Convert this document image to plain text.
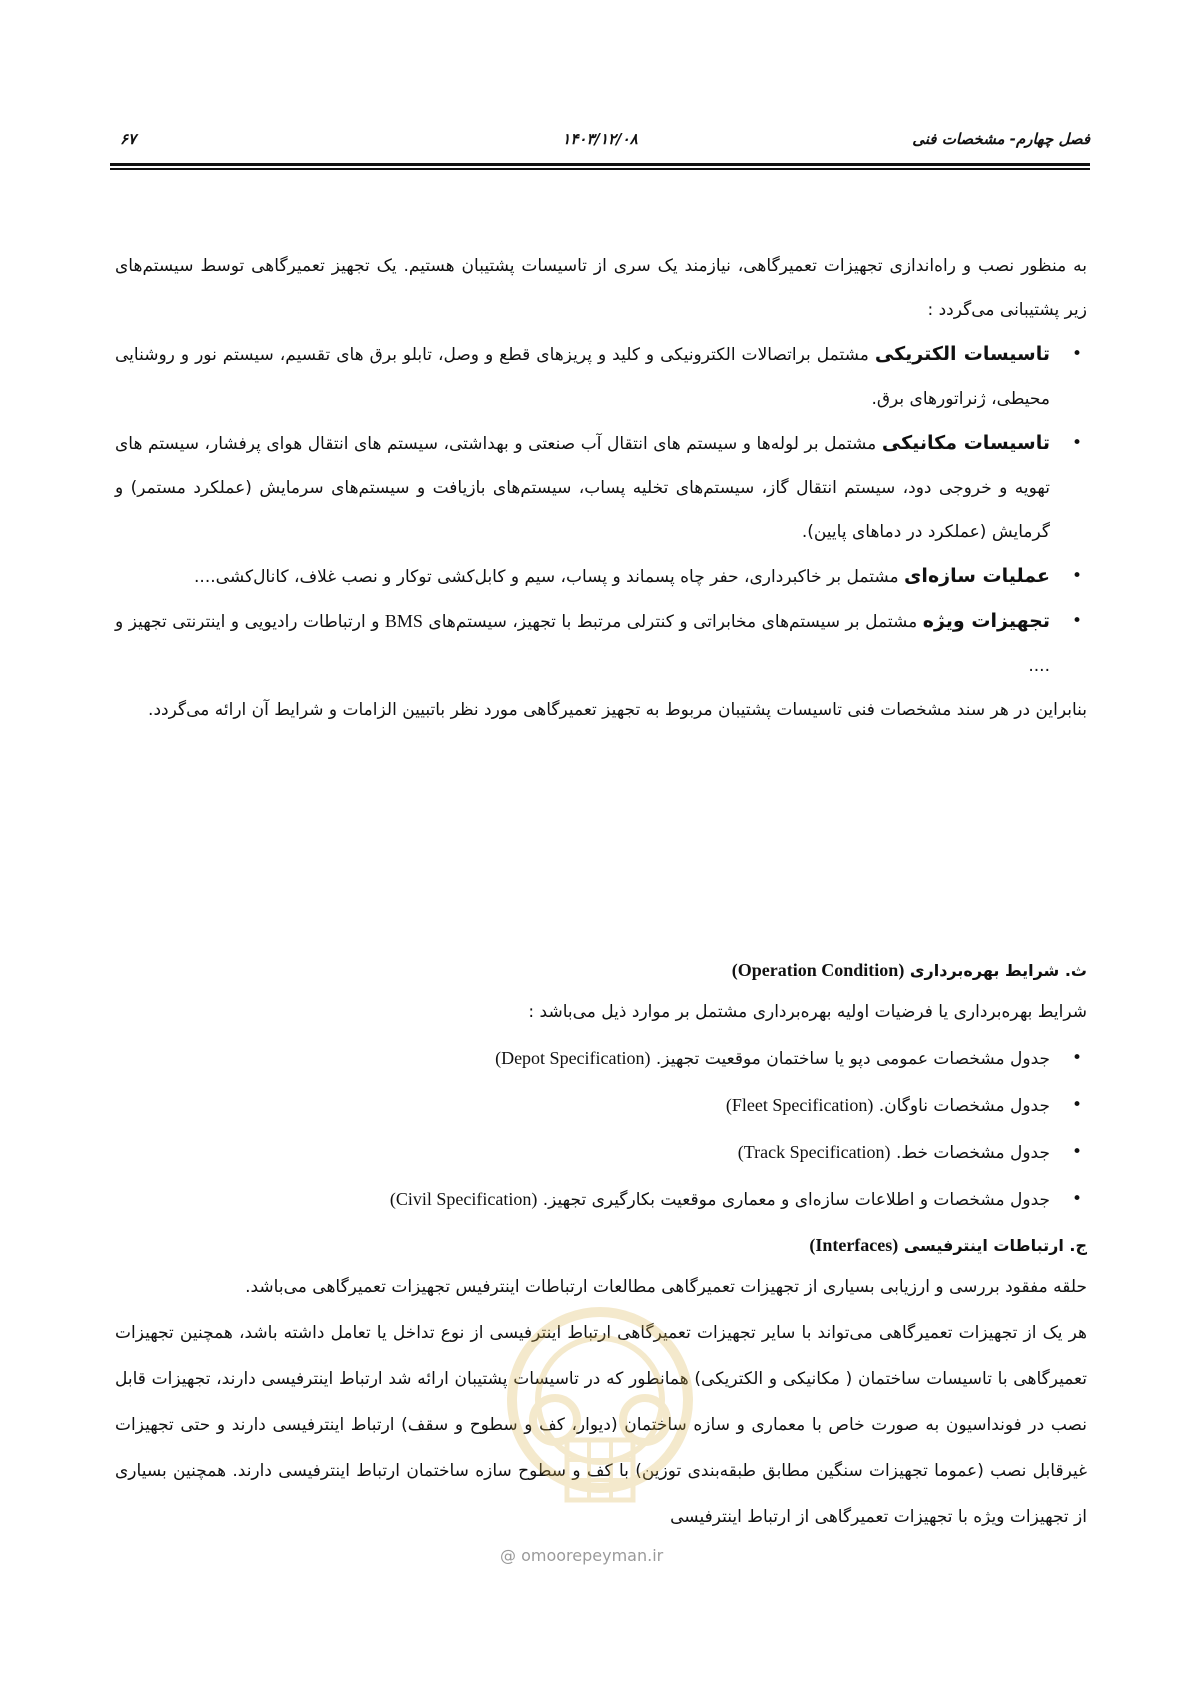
فصل چهارم- مشخصات فنی
۱۴۰۳/۱۲/۰۸
۶۷

به منظور نصب و راه‌اندازی تجهیزات تعمیرگاهی، نیازمند یک سری از تاسیسات پشتیبان هستیم. یک تجهیز تعمیرگاهی توسط سیستم‌های زیر پشتیبانی می‌گردد :

•
تاسیسات الکتریکی مشتمل براتصالات الکترونیکی و کلید و پریزهای قطع و وصل، تابلو برق های تقسیم، سیستم نور و روشنایی محیطی، ژنراتورهای برق.

•
تاسیسات مکانیکی مشتمل بر لوله‌ها و سیستم های انتقال آب صنعتی و بهداشتی، سیستم های انتقال هوای پرفشار، سیستم های تهویه و خروجی دود، سیستم انتقال گاز، سیستم‌های تخلیه پساب، سیستم‌های بازیافت و سیستم‌های سرمایش (عملکرد مستمر) و گرمایش (عملکرد در دماهای پایین).

•
عملیات سازه‌ای مشتمل بر خاکبرداری، حفر چاه پسماند و پساب، سیم و کابل‌کشی توکار و نصب غلاف، کانال‌کشی....

•
تجهیزات ویژه مشتمل بر سیستم‌های مخابراتی و کنترلی مرتبط با تجهیز، سیستم‌های BMS و ارتباطات رادیویی و اینترنتی تجهیز و ....

بنابراین در هر سند مشخصات فنی تاسیسات پشتیبان مربوط به تجهیز تعمیرگاهی مورد نظر باتبیین الزامات و شرایط آن ارائه می‌گردد.

ث. شرایط بهره‌برداری (Operation Condition)

شرایط بهره‌برداری یا فرضیات اولیه بهره‌برداری مشتمل بر موارد ذیل می‌باشد :

•
جدول مشخصات عمومی دپو یا ساختمان موقعیت تجهیز. (Depot Specification)

•
جدول مشخصات ناوگان. (Fleet Specification)

•
جدول مشخصات خط. (Track Specification)

•
جدول مشخصات و اطلاعات سازه‌ای و معماری موقعیت بکارگیری تجهیز. (Civil Specification)

ج. ارتباطات اینترفیسی (Interfaces)

حلقه مفقود بررسی و ارزیابی بسیاری از تجهیزات تعمیرگاهی مطالعات ارتباطات اینترفیس تجهیزات تعمیرگاهی می‌باشد.

هر یک از تجهیزات تعمیرگاهی می‌تواند با سایر تجهیزات تعمیرگاهی ارتباط اینترفیسی از نوع تداخل یا تعامل داشته باشد، همچنین تجهیزات تعمیرگاهی با تاسیسات ساختمان ( مکانیکی و الکتریکی) همانطور که در تاسیسات پشتیبان ارائه شد ارتباط اینترفیسی دارند، تجهیزات قابل نصب در فونداسیون به صورت خاص با معماری و سازه ساختمان (دیوار، کف و سطوح و سقف) ارتباط اینترفیسی دارند و حتی تجهیزات غیرقابل نصب (عموما تجهیزات سنگین مطابق طبقه‌بندی توزین) با کف و سطوح سازه ساختمان ارتباط اینترفیسی دارند. همچنین بسیاری از تجهیزات ویژه با تجهیزات تعمیرگاهی از ارتباط اینترفیسی

@ omoorepeyman.ir
